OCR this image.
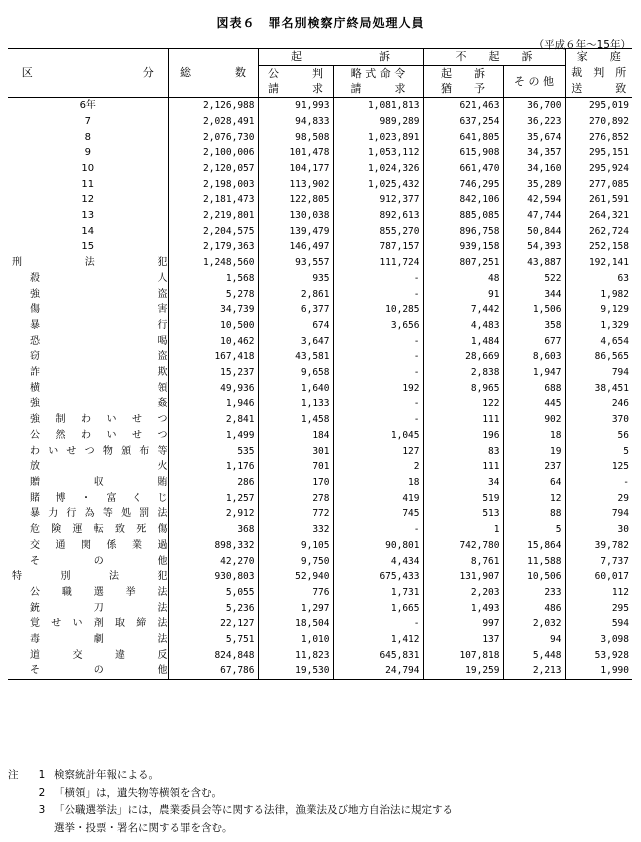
図表６　罪名別検察庁終局処理人員
（平成６年〜15年）
区　　　　　　　　　　分	総　　　　数	起　　　　　　　訴		不　　起　　訴		家　　庭
		公　　　判	略 式 命 令	起　　訴	そ の 他	裁　判　所
		請　　　求	請　　　求	猶　　予		送　　　致
6年	2,126,988	91,993	1,081,813	621,463	36,700	295,019
7	2,028,491	94,833	989,289	637,254	36,223	270,892
8	2,076,730	98,508	1,023,891	641,805	35,674	276,852
9	2,100,006	101,478	1,053,112	615,908	34,357	295,151
10	2,120,057	104,177	1,024,326	661,470	34,160	295,924
11	2,198,003	113,902	1,025,432	746,295	35,289	277,085
12	2,181,473	122,805	912,377	842,106	42,594	261,591
13	2,219,801	130,038	892,613	885,085	47,744	264,321
14	2,204,575	139,479	855,270	896,758	50,844	262,724
15	2,179,363	146,497	787,157	939,158	54,393	252,158
刑　　　法　　　犯	1,248,560	93,557	111,724	807,251	43,887	192,141
殺人	1,568	935	-	48	522	63
強盗	5,278	2,861	-	91	344	1,982
傷害	34,739	6,377	10,285	7,442	1,506	9,129
暴行	10,500	674	3,656	4,483	358	1,329
恐喝	10,462	3,647	-	1,484	677	4,654
窃盗	167,418	43,581	-	28,669	8,603	86,565
詐欺	15,237	9,658	-	2,838	1,947	794
横領	49,936	1,640	192	8,965	688	38,451
強姦	1,946	1,133	-	122	445	246
強制わいせつ	2,841	1,458	-	111	902	370
公然わいせつ	1,499	184	1,045	196	18	56
わいせつ物頒布等	535	301	127	83	19	5
放火	1,176	701	2	111	237	125
贈収賄	286	170	18	34	64	-
賭博・富くじ	1,257	278	419	519	12	29
暴力行為等処罰法	2,912	772	745	513	88	794
危険運転致死傷	368	332	-	1	5	30
交通関係業過	898,332	9,105	90,801	742,780	15,864	39,782
その他	42,270	9,750	4,434	8,761	11,588	7,737
特　　　別　　　法　　　犯	930,803	52,940	675,433	131,907	10,506	60,017
公職選挙法	5,055	776	1,731	2,203	233	112
銃刀法	5,236	1,297	1,665	1,493	486	295
覚せい剤取締法	22,127	18,504	-	997	2,032	594
毒劇法	5,751	1,010	1,412	137	94	3,098
道交違反	824,848	11,823	645,831	107,818	5,448	53,928
その他	67,786	19,530	24,794	19,259	2,213	1,990
注	1 検察統計年報による。
2 「横領」は，遺失物等横領を含む。
3 「公職選挙法」には，農業委員会等に関する法律，漁業法及び地方自治法に規定する
選挙・投票・署名に関する罪を含む。
